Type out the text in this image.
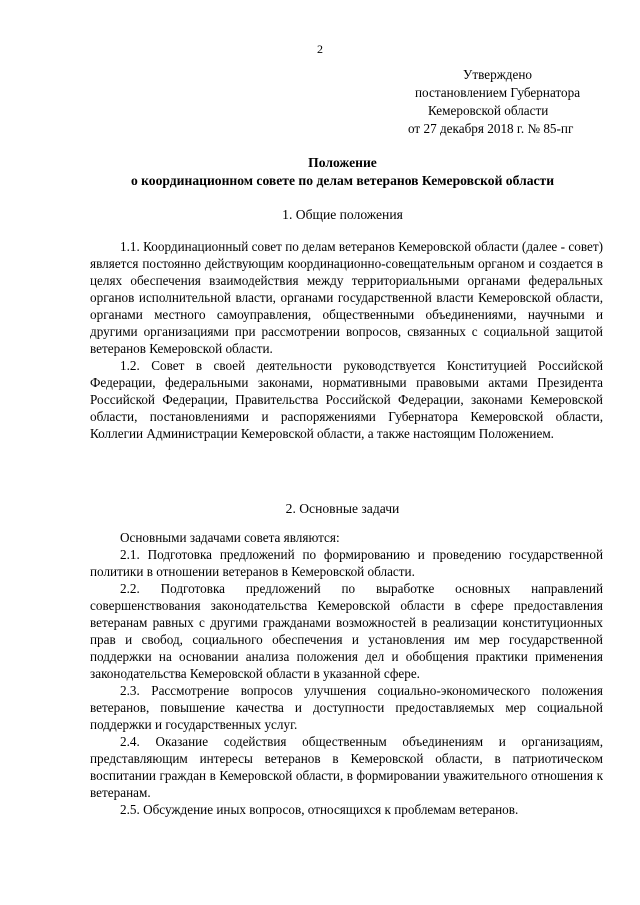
2
Утверждено
постановлением Губернатора
Кемеровской области
от 27 декабря 2018 г. № 85-пг
Положение
о координационном совете по делам ветеранов Кемеровской области
1. Общие положения

1.1. Координационный совет по делам ветеранов Кемеровской области (далее - совет) является постоянно действующим координационно-совещательным органом и создается в целях обеспечения взаимодействия между территориальными органами федеральных органов исполнительной власти, органами государственной власти Кемеровской области, органами местного самоуправления, общественными объединениями, научными и другими организациями при рассмотрении вопросов, связанных с социальной защитой ветеранов Кемеровской области.

1.2. Совет в своей деятельности руководствуется Конституцией Российской Федерации, федеральными законами, нормативными правовыми актами Президента Российской Федерации, Правительства Российской Федерации, законами Кемеровской области, постановлениями и распоряжениями Губернатора Кемеровской области, Коллегии Администрации Кемеровской области, а также настоящим Положением.

2. Основные задачи

Основными задачами совета являются:

2.1. Подготовка предложений по формированию и проведению государственной политики в отношении ветеранов в Кемеровской области.

2.2. Подготовка предложений по выработке основных направлений совершенствования законодательства Кемеровской области в сфере предоставления ветеранам равных с другими гражданами возможностей в реализации конституционных прав и свобод, социального обеспечения и установления им мер государственной поддержки на основании анализа положения дел и обобщения практики применения законодательства Кемеровской области в указанной сфере.

2.3. Рассмотрение вопросов улучшения социально-экономического положения ветеранов, повышение качества и доступности предоставляемых мер социальной поддержки и государственных услуг.

2.4. Оказание содействия общественным объединениям и организациям, представляющим интересы ветеранов в Кемеровской области, в патриотическом воспитании граждан в Кемеровской области, в формировании уважительного отношения к ветеранам.

2.5. Обсуждение иных вопросов, относящихся к проблемам ветеранов.
